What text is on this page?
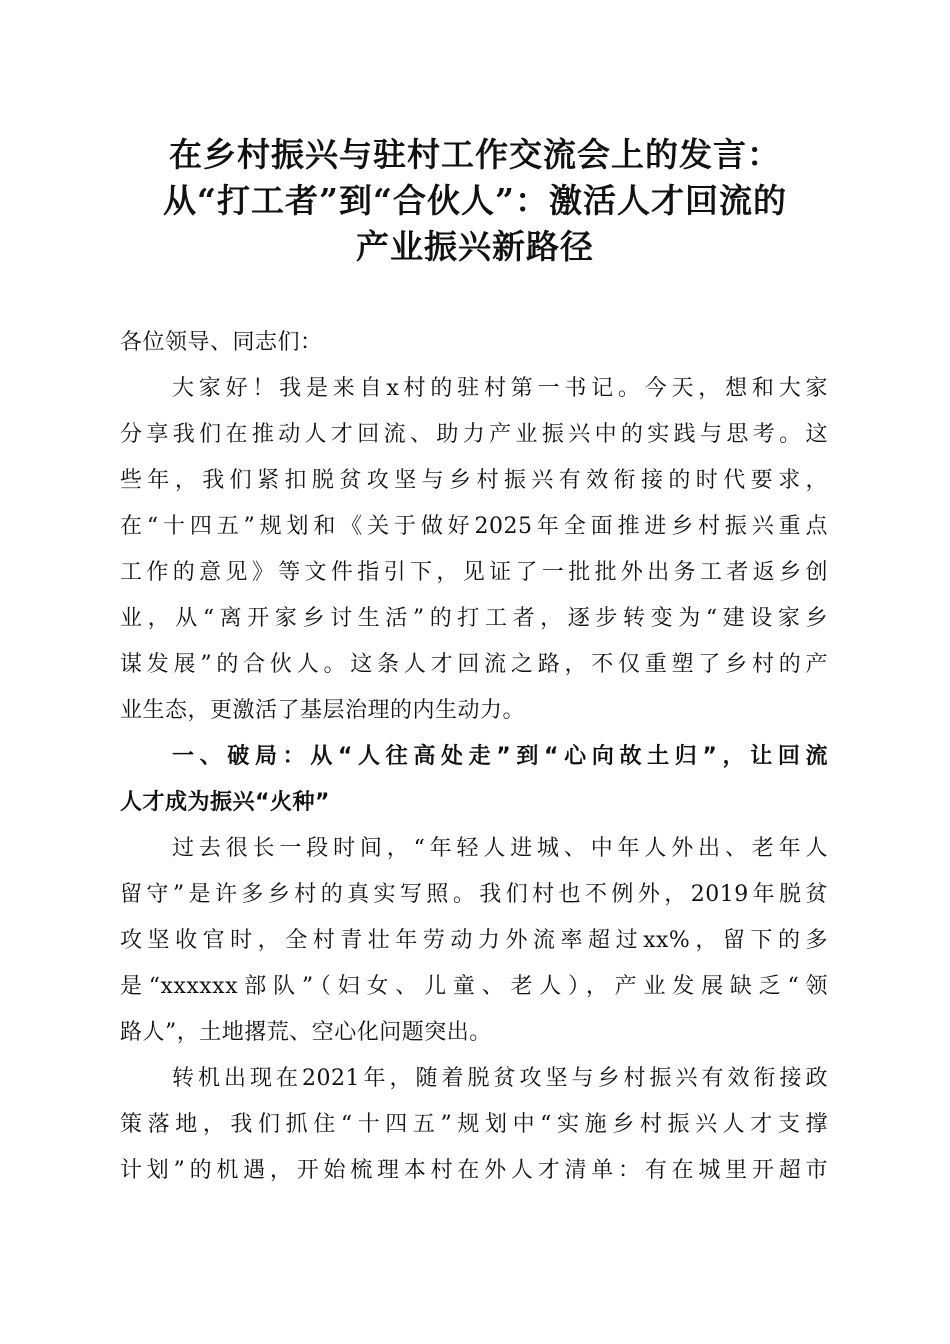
在乡村振兴与驻村工作交流会上的发言：
从“打工者”到“合伙人”：激活人才回流的
产业振兴新路径
各位领导、同志们：
大家好！我是来自x村的驻村第一书记。今天，想和大家
分享我们在推动人才回流、助力产业振兴中的实践与思考。这
些年，我们紧扣脱贫攻坚与乡村振兴有效衔接的时代要求，
在“十四五”规划和《关于做好2025年全面推进乡村振兴重点
工作的意见》等文件指引下，见证了一批批外出务工者返乡创
业，从“离开家乡讨生活”的打工者，逐步转变为“建设家乡
谋发展”的合伙人。这条人才回流之路，不仅重塑了乡村的产
业生态，更激活了基层治理的内生动力。
一、破局：从“人往高处走”到“心向故土归”，让回流
人才成为振兴“火种”
过去很长一段时间，“年轻人进城、中年人外出、老年人
留守”是许多乡村的真实写照。我们村也不例外，2019年脱贫
攻坚收官时，全村青壮年劳动力外流率超过xx%，留下的多
是“xxxxxx部队”（妇女、儿童、老人），产业发展缺乏“领
路人”，土地撂荒、空心化问题突出。
转机出现在2021年，随着脱贫攻坚与乡村振兴有效衔接政
策落地，我们抓住“十四五”规划中“实施乡村振兴人才支撑
计划”的机遇，开始梳理本村在外人才清单：有在城里开超市
